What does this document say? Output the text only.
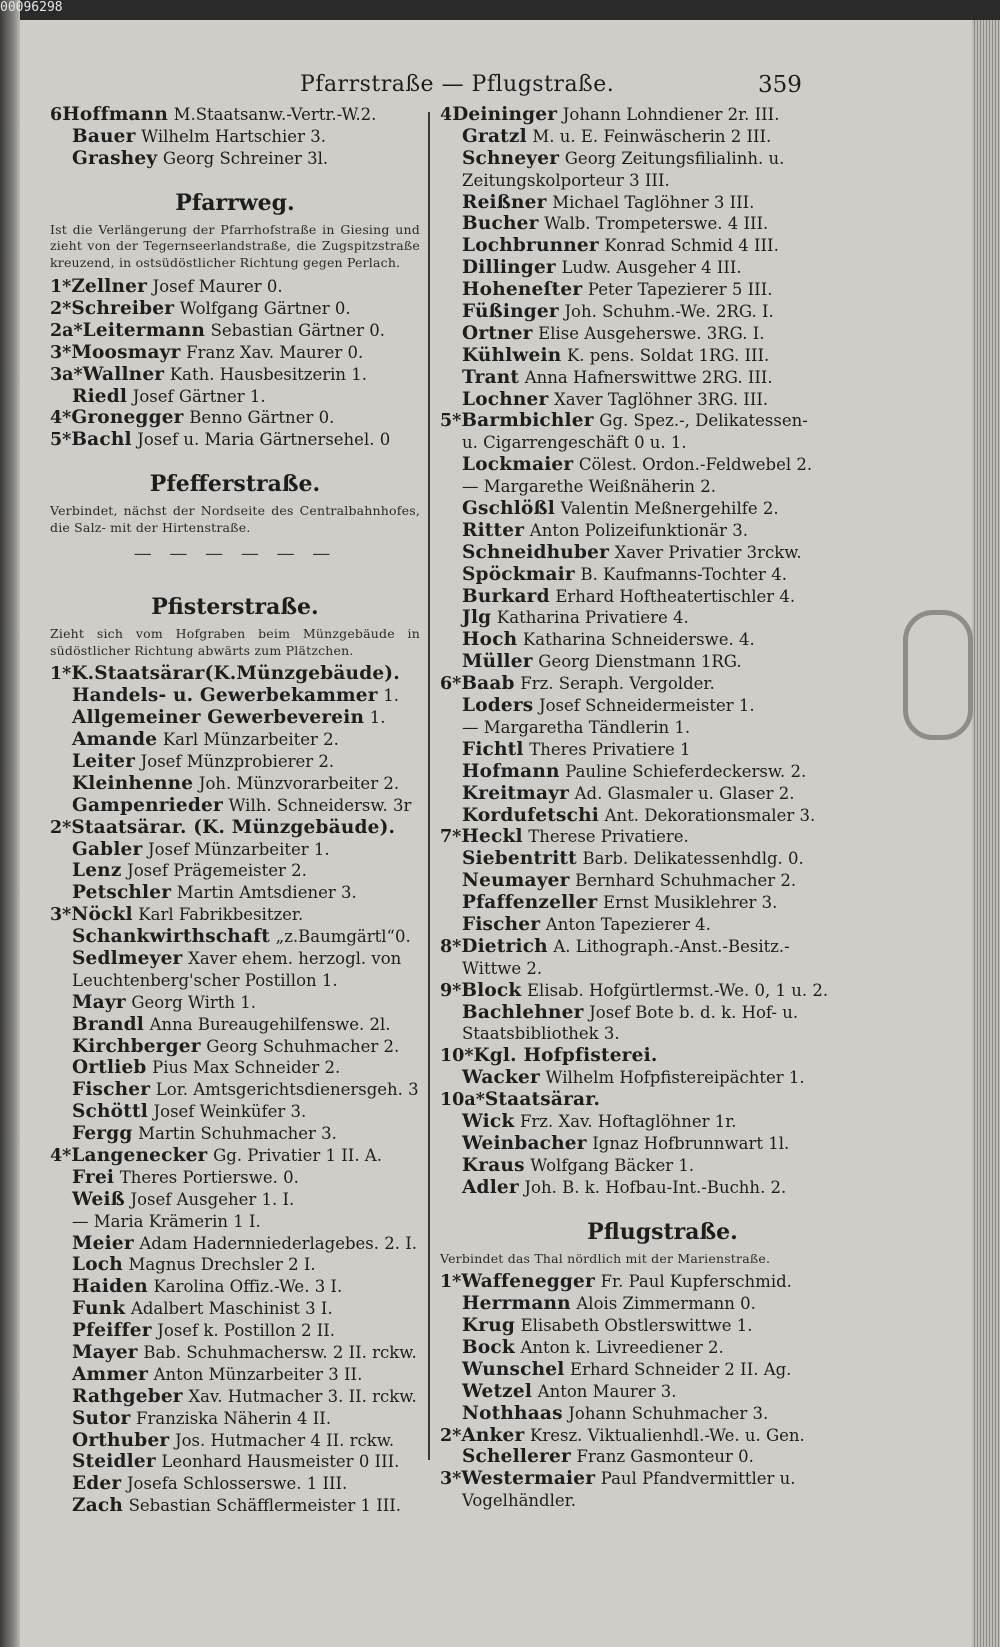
00096298
Pfarrstraße — Pflugstraße.	359
6Hoffmann M.Staatsanw.-Vertr.-W.2.
Bauer Wilhelm Hartschier 3.
Grashey Georg Schreiner 3l.
Pfarrweg.
Ist die Verlängerung der Pfarrhofstraße in Giesing und zieht von der Tegernseerlandstraße, die Zugspitzstraße kreuzend, in ostsüdöstlicher Richtung gegen Perlach.
1*Zellner Josef Maurer 0.
2*Schreiber Wolfgang Gärtner 0.
2a*Leitermann Sebastian Gärtner 0.
3*Moosmayr Franz Xav. Maurer 0.
3a*Wallner Kath. Hausbesitzerin 1.
Riedl Josef Gärtner 1.
4*Gronegger Benno Gärtner 0.
5*Bachl Josef u. Maria Gärtnersehel. 0
Pfefferstraße.
Verbindet, nächst der Nordseite des Centralbahnhofes, die Salz- mit der Hirtenstraße.
— — — — — —
Pfisterstraße.
Zieht sich vom Hofgraben beim Münzgebäude in südöstlicher Richtung abwärts zum Plätzchen.
1*K.Staatsärar(K.Münzgebäude).
Handels- u. Gewerbekammer 1.
Allgemeiner Gewerbeverein 1.
Amande Karl Münzarbeiter 2.
Leiter Josef Münzprobierer 2.
Kleinhenne Joh. Münzvorarbeiter 2.
Gampenrieder Wilh. Schneidersw. 3r
2*Staatsärar. (K. Münzgebäude).
Gabler Josef Münzarbeiter 1.
Lenz Josef Prägemeister 2.
Petschler Martin Amtsdiener 3.
3*Nöckl Karl Fabrikbesitzer.
Schankwirthschaft „z.Baumgärtl“0.
Sedlmeyer Xaver ehem. herzogl. von
Leuchtenberg'scher Postillon 1.
Mayr Georg Wirth 1.
Brandl Anna Bureaugehilfenswe. 2l.
Kirchberger Georg Schuhmacher 2.
Ortlieb Pius Max Schneider 2.
Fischer Lor. Amtsgerichtsdienersgeh. 3
Schöttl Josef Weinküfer 3.
Fergg Martin Schuhmacher 3.
4*Langenecker Gg. Privatier 1 II. A.
Frei Theres Portierswe. 0.
Weiß Josef Ausgeher 1. I.
— Maria Krämerin 1 I.
Meier Adam Hadernniederlagebes. 2. I.
Loch Magnus Drechsler 2 I.
Haiden Karolina Offiz.-We. 3 I.
Funk Adalbert Maschinist 3 I.
Pfeiffer Josef k. Postillon 2 II.
Mayer Bab. Schuhmachersw. 2 II. rckw.
Ammer Anton Münzarbeiter 3 II.
Rathgeber Xav. Hutmacher 3. II. rckw.
Sutor Franziska Näherin 4 II.
Orthuber Jos. Hutmacher 4 II. rckw.
Steidler Leonhard Hausmeister 0 III.
Eder Josefa Schlosserswe. 1 III.
Zach Sebastian Schäfflermeister 1 III.
4Deininger Johann Lohndiener 2r. III.
Gratzl M. u. E. Feinwäscherin 2 III.
Schneyer Georg Zeitungsfilialinh. u.
Zeitungskolporteur 3 III.
Reißner Michael Taglöhner 3 III.
Bucher Walb. Trompeterswe. 4 III.
Lochbrunner Konrad Schmid 4 III.
Dillinger Ludw. Ausgeher 4 III.
Hoheneſter Peter Tapezierer 5 III.
Füßinger Joh. Schuhm.-We. 2RG. I.
Ortner Elise Ausgeherswe. 3RG. I.
Kühlwein K. pens. Soldat 1RG. III.
Trant Anna Hafnerswittwe 2RG. III.
Lochner Xaver Taglöhner 3RG. III.
5*Barmbichler Gg. Spez.-, Delikatessen-
u. Cigarrengeschäft 0 u. 1.
Lockmaier Cölest. Ordon.-Feldwebel 2.
— Margarethe Weißnäherin 2.
Gschlößl Valentin Meßnergehilfe 2.
Ritter Anton Polizeifunktionär 3.
Schneidhuber Xaver Privatier 3rckw.
Spöckmair B. Kaufmanns-Tochter 4.
Burkard Erhard Hoftheatertischler 4.
Jlg Katharina Privatiere 4.
Hoch Katharina Schneiderswe. 4.
Müller Georg Dienstmann 1RG.
6*Baab Frz. Seraph. Vergolder.
Loders Josef Schneidermeister 1.
— Margaretha Tändlerin 1.
Fichtl Theres Privatiere 1
Hofmann Pauline Schieferdeckersw. 2.
Kreitmayr Ad. Glasmaler u. Glaser 2.
Kordufetschi Ant. Dekorationsmaler 3.
7*Heckl Therese Privatiere.
Siebentritt Barb. Delikatessenhdlg. 0.
Neumayer Bernhard Schuhmacher 2.
Pfaffenzeller Ernst Musiklehrer 3.
Fischer Anton Tapezierer 4.
8*Dietrich A. Lithograph.-Anst.-Besitz.-
Wittwe 2.
9*Block Elisab. Hofgürtlermst.-We. 0, 1 u. 2.
Bachlehner Josef Bote b. d. k. Hof- u.
Staatsbibliothek 3.
10*Kgl. Hofpfisterei.
Wacker Wilhelm Hofpfistereipächter 1.
10a*Staatsärar.
Wick Frz. Xav. Hoftaglöhner 1r.
Weinbacher Ignaz Hofbrunnwart 1l.
Kraus Wolfgang Bäcker 1.
Adler Joh. B. k. Hofbau-Int.-Buchh. 2.
Pflugstraße.
Verbindet das Thal nördlich mit der Marienstraße.
1*Waffenegger Fr. Paul Kupferschmid.
Herrmann Alois Zimmermann 0.
Krug Elisabeth Obstlerswittwe 1.
Bock Anton k. Livreediener 2.
Wunschel Erhard Schneider 2 II. Ag.
Wetzel Anton Maurer 3.
Nothhaas Johann Schuhmacher 3.
2*Anker Kresz. Viktualienhdl.-We. u. Gen.
Schellerer Franz Gasmonteur 0.
3*Westermaier Paul Pfandvermittler u.
Vogelhändler.
